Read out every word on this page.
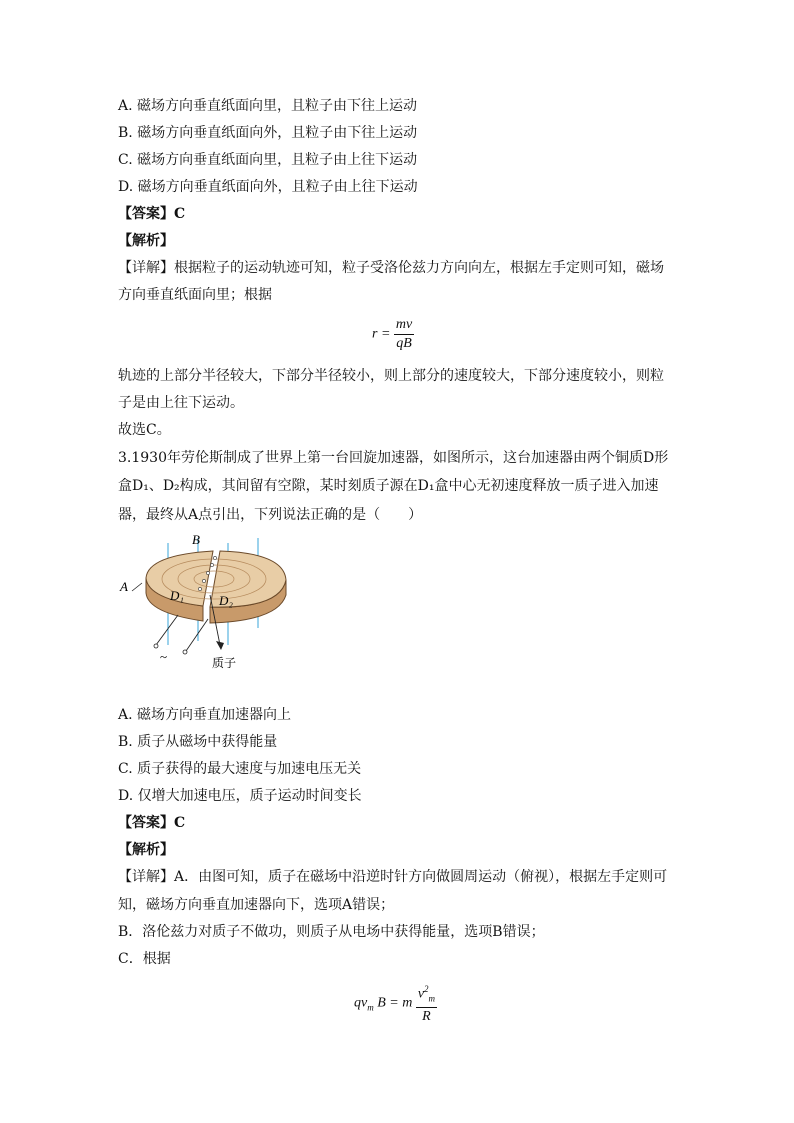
A. 磁场方向垂直纸面向里，且粒子由下往上运动
B. 磁场方向垂直纸面向外，且粒子由下往上运动
C. 磁场方向垂直纸面向里，且粒子由上往下运动
D. 磁场方向垂直纸面向外，且粒子由上往下运动
【答案】C
【解析】
【详解】根据粒子的运动轨迹可知，粒子受洛伦兹力方向向左，根据左手定则可知，磁场
方向垂直纸面向里；根据
$r = \frac{mv}{qB}$
轨迹的上部分半径较大，下部分半径较小，则上部分的速度较大，下部分速度较小，则粒
子是由上往下运动。
故选C。
3.1930年劳伦斯制成了世界上第一台回旋加速器，如图所示，这台加速器由两个铜质D形
盒D₁、D₂构成，其间留有空隙，某时刻质子源在D₁盒中心无初速度释放一质子进入加速
器，最终从A点引出，下列说法正确的是（　　）
B
A
D₁	D₂
~	质子
A. 磁场方向垂直加速器向上
B. 质子从磁场中获得能量
C. 质子获得的最大速度与加速电压无关
D. 仅增大加速电压，质子运动时间变长
【答案】C
【解析】
【详解】A．由图可知，质子在磁场中沿逆时针方向做圆周运动（俯视），根据左手定则可
知，磁场方向垂直加速器向下，选项A错误；
B．洛伦兹力对质子不做功，则质子从电场中获得能量，选项B错误；
C．根据
$qv_m$ B = m $\frac{v^2_m}{R}$
